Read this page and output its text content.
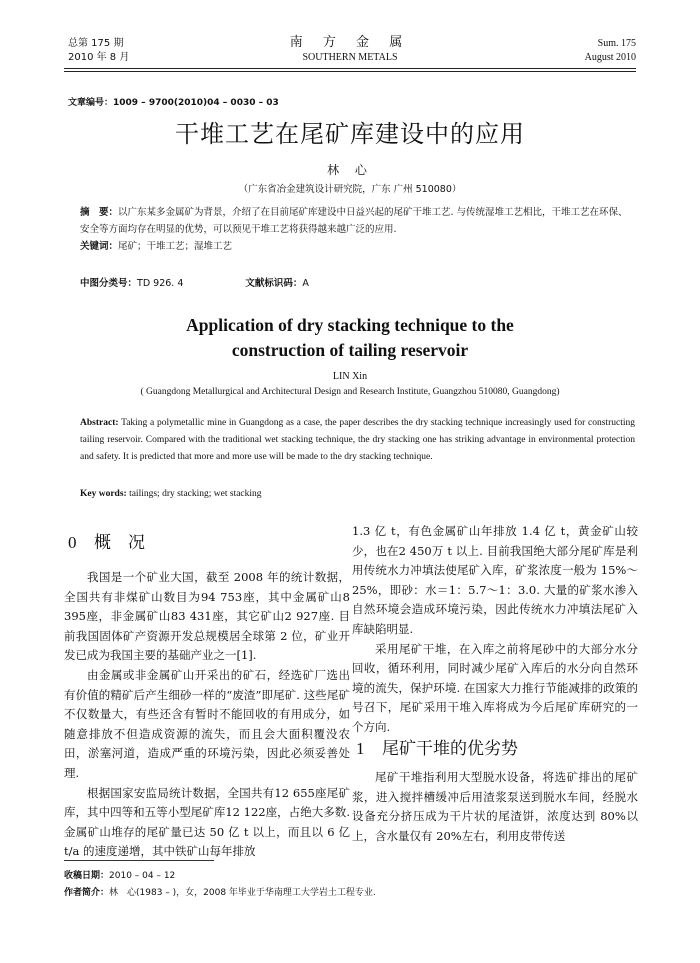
总第 175 期
2010 年 8 月
南 方 金 属
SOUTHERN METALS
Sum. 175
August 2010
文章编号：1009 – 9700(2010)04 – 0030 – 03
干堆工艺在尾矿库建设中的应用
林 心
（广东省冶金建筑设计研究院，广东 广州 510080）
摘　要：以广东某多金属矿为背景，介绍了在目前尾矿库建设中日益兴起的尾矿干堆工艺. 与传统湿堆工艺相比，干堆工艺在环保、安全等方面均存在明显的优势，可以预见干堆工艺将获得越来越广泛的应用.
关键词：尾矿；干堆工艺；湿堆工艺
中图分类号：TD 926. 4	文献标识码：A
Application of dry stacking technique to the
construction of tailing reservoir
LIN Xin
( Guangdong Metallurgical and Architectural Design and Research Institute, Guangzhou 510080, Guangdong)
Abstract: Taking a polymetallic mine in Guangdong as a case, the paper describes the dry stacking technique increasingly used for constructing tailing reservoir. Compared with the traditional wet stacking technique, the dry stacking one has striking advantage in environmental protection and safety. It is predicted that more and more use will be made to the dry stacking technique.
Key words: tailings; dry stacking; wet stacking
0 概　况

我国是一个矿业大国，截至 2008 年的统计数据，全国共有非煤矿山数目为94 753座，其中金属矿山8 395座，非金属矿山83 431座，其它矿山2 927座. 目前我国固体矿产资源开发总规模居全球第 2 位，矿业开发已成为我国主要的基础产业之一[1].

由金属或非金属矿山开采出的矿石，经选矿厂选出有价值的精矿后产生细砂一样的“废渣”即尾矿. 这些尾矿不仅数量大，有些还含有暂时不能回收的有用成分，如随意排放不但造成资源的流失，而且会大面积覆没农田，淤塞河道，造成严重的环境污染，因此必须妥善处理.

根据国家安监局统计数据，全国共有12 655座尾矿库，其中四等和五等小型尾矿库12 122座，占绝大多数. 金属矿山堆存的尾矿量已达 50 亿 t 以上，而且以 6 亿 t/a 的速度递增，其中铁矿山每年排放

1.3 亿 t，有色金属矿山年排放 1.4 亿 t，黄金矿山较少，也在2 450万 t 以上. 目前我国绝大部分尾矿库是利用传统水力冲填法使尾矿入库，矿浆浓度一般为 15%～25%，即砂：水＝1：5.7～1：3.0. 大量的矿浆水渗入自然环境会造成环境污染，因此传统水力冲填法尾矿入库缺陷明显.

采用尾矿干堆，在入库之前将尾砂中的大部分水分回收，循环利用，同时减少尾矿入库后的水分向自然环境的流失，保护环境. 在国家大力推行节能减排的政策的号召下，尾矿采用干堆入库将成为今后尾矿库研究的一个方向.

1 尾矿干堆的优劣势

尾矿干堆指利用大型脱水设备，将选矿排出的尾矿浆，进入搅拌槽缓冲后用渣浆泵送到脱水车间，经脱水设备充分挤压成为干片状的尾渣饼，浓度达到 80%以上，含水量仅有 20%左右，利用皮带传送

收稿日期：2010 – 04 – 12
作者简介：林　心(1983 – )，女，2008 年毕业于华南理工大学岩土工程专业.
